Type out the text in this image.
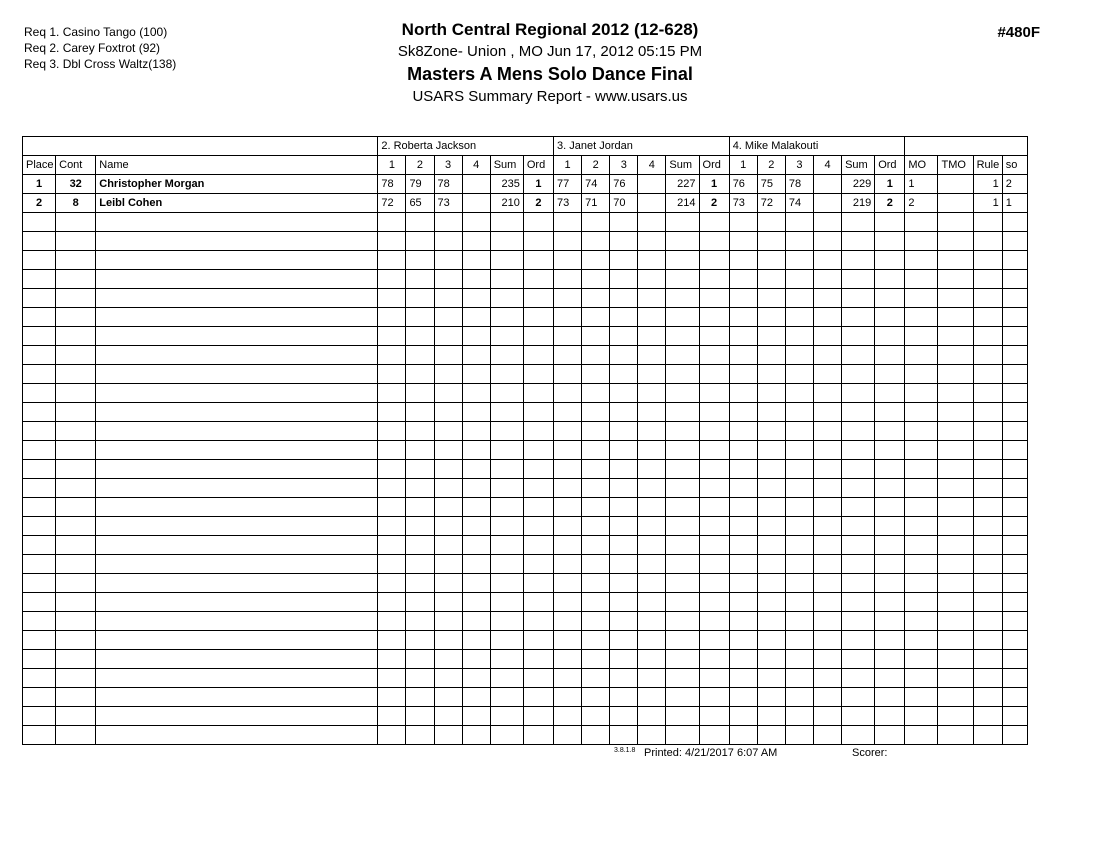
Req 1. Casino Tango (100)
Req 2. Carey Foxtrot (92)
Req 3. Dbl Cross Waltz(138)
North Central Regional 2012 (12-628)
Sk8Zone- Union , MO Jun 17, 2012 05:15 PM
Masters A Mens Solo Dance Final
USARS Summary Report - www.usars.us
#480F
			2. Roberta Jackson						3. Janet Jordan						4. Mike Malakouti									
Place	Cont	Name	1	2	3	4	Sum	Ord	1	2	3	4	Sum	Ord	1	2	3	4	Sum	Ord	MO	TMO	Rule	so
1	32	Christopher Morgan	78	79	78		235	1	77	74	76		227	1	76	75	78		229	1	1		1	2
2	8	Leibl Cohen	72	65	73		210	2	73	71	70		214	2	73	72	74		219	2	2		1	1

3.8.1.8 Printed: 4/21/2017 6:07 AM	Scorer:
